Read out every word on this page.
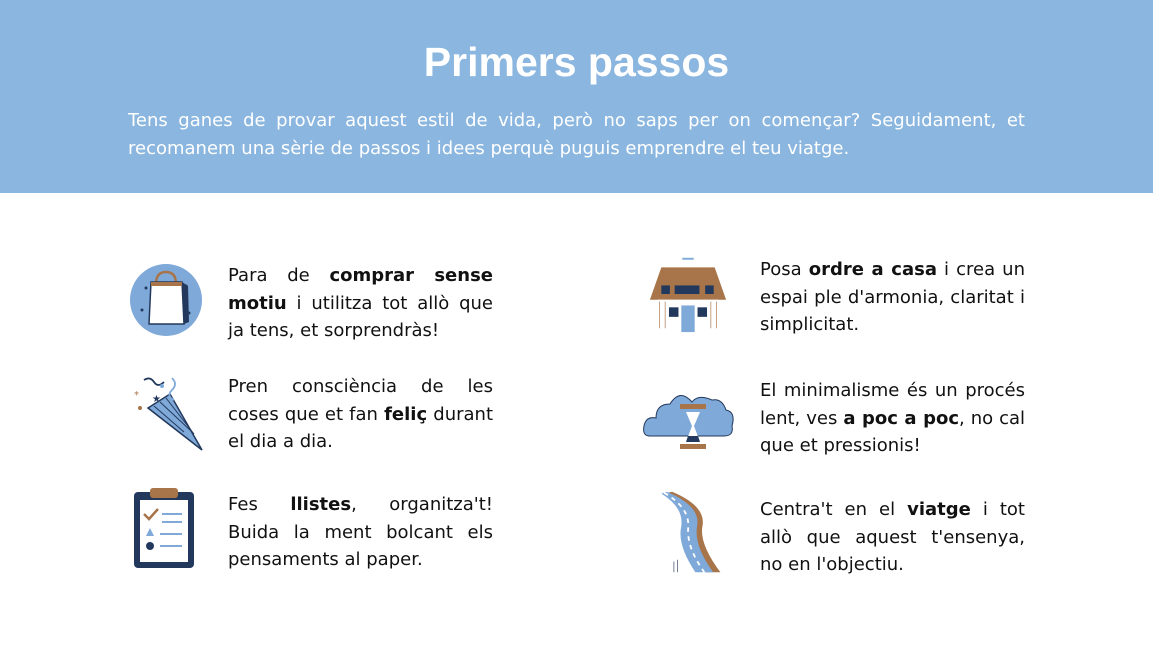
Primers passos

Tens ganes de provar aquest estil de vida, però no saps per on començar? Seguidament, et recomanem una sèrie de passos i idees perquè puguis emprendre el teu viatge.

Para de comprar sense motiu i utilitza tot allò que ja tens, et sorprendràs!

* ★

Pren consciència de les coses que et fan feliç durant el dia a dia.

Fes llistes, organitza't! Buida la ment bolcant els pensaments al paper.

Posa ordre a casa i crea un espai ple d'armonia, claritat i simplicitat.

El minimalisme és un procés lent, ves a poc a poc, no cal que et pressionis!

Centra't en el viatge i tot allò que aquest t'ensenya, no en l'objectiu.
